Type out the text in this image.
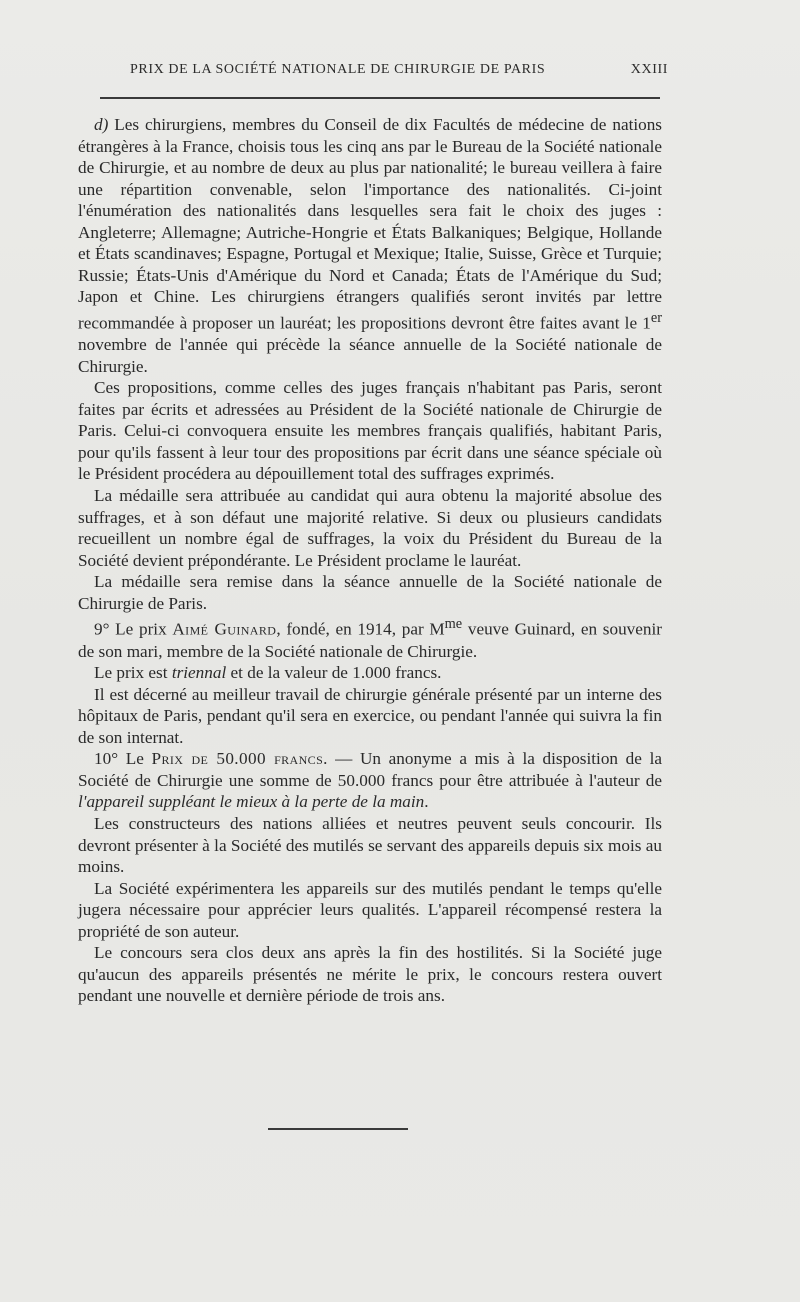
PRIX DE LA SOCIÉTÉ NATIONALE DE CHIRURGIE DE PARIS	XXIII

d) Les chirurgiens, membres du Conseil de dix Facultés de médecine de nations étrangères à la France, choisis tous les cinq ans par le Bureau de la Société nationale de Chirurgie, et au nombre de deux au plus par nationalité; le bureau veillera à faire une répartition convenable, selon l'importance des nationalités. Ci-joint l'énumération des nationalités dans lesquelles sera fait le choix des juges : Angleterre; Allemagne; Autriche-Hongrie et États Balkaniques; Belgique, Hollande et États scandinaves; Espagne, Portugal et Mexique; Italie, Suisse, Grèce et Turquie; Russie; États-Unis d'Amérique du Nord et Canada; États de l'Amérique du Sud; Japon et Chine. Les chirurgiens étrangers qualifiés seront invités par lettre recommandée à proposer un lauréat; les propositions devront être faites avant le 1er novembre de l'année qui précède la séance annuelle de la Société nationale de Chirurgie.

Ces propositions, comme celles des juges français n'habitant pas Paris, seront faites par écrits et adressées au Président de la Société nationale de Chirurgie de Paris. Celui-ci convoquera ensuite les membres français qualifiés, habitant Paris, pour qu'ils fassent à leur tour des propositions par écrit dans une séance spéciale où le Président procédera au dépouillement total des suffrages exprimés.

La médaille sera attribuée au candidat qui aura obtenu la majorité absolue des suffrages, et à son défaut une majorité relative. Si deux ou plusieurs candidats recueillent un nombre égal de suffrages, la voix du Président du Bureau de la Société devient prépondérante. Le Président proclame le lauréat.

La médaille sera remise dans la séance annuelle de la Société nationale de Chirurgie de Paris.

9° Le prix Aimé Guinard, fondé, en 1914, par $M^{me}$ veuve Guinard, en souvenir de son mari, membre de la Société nationale de Chirurgie.

Le prix est triennal et de la valeur de 1.000 francs.

Il est décerné au meilleur travail de chirurgie générale présenté par un interne des hôpitaux de Paris, pendant qu'il sera en exercice, ou pendant l'année qui suivra la fin de son internat.

10° Le Prix de 50.000 francs. — Un anonyme a mis à la disposition de la Société de Chirurgie une somme de 50.000 francs pour être attribuée à l'auteur de l'appareil suppléant le mieux à la perte de la main.

Les constructeurs des nations alliées et neutres peuvent seuls concourir. Ils devront présenter à la Société des mutilés se servant des appareils depuis six mois au moins.

La Société expérimentera les appareils sur des mutilés pendant le temps qu'elle jugera nécessaire pour apprécier leurs qualités. L'appareil récompensé restera la propriété de son auteur.

Le concours sera clos deux ans après la fin des hostilités. Si la Société juge qu'aucun des appareils présentés ne mérite le prix, le concours restera ouvert pendant une nouvelle et dernière période de trois ans.
